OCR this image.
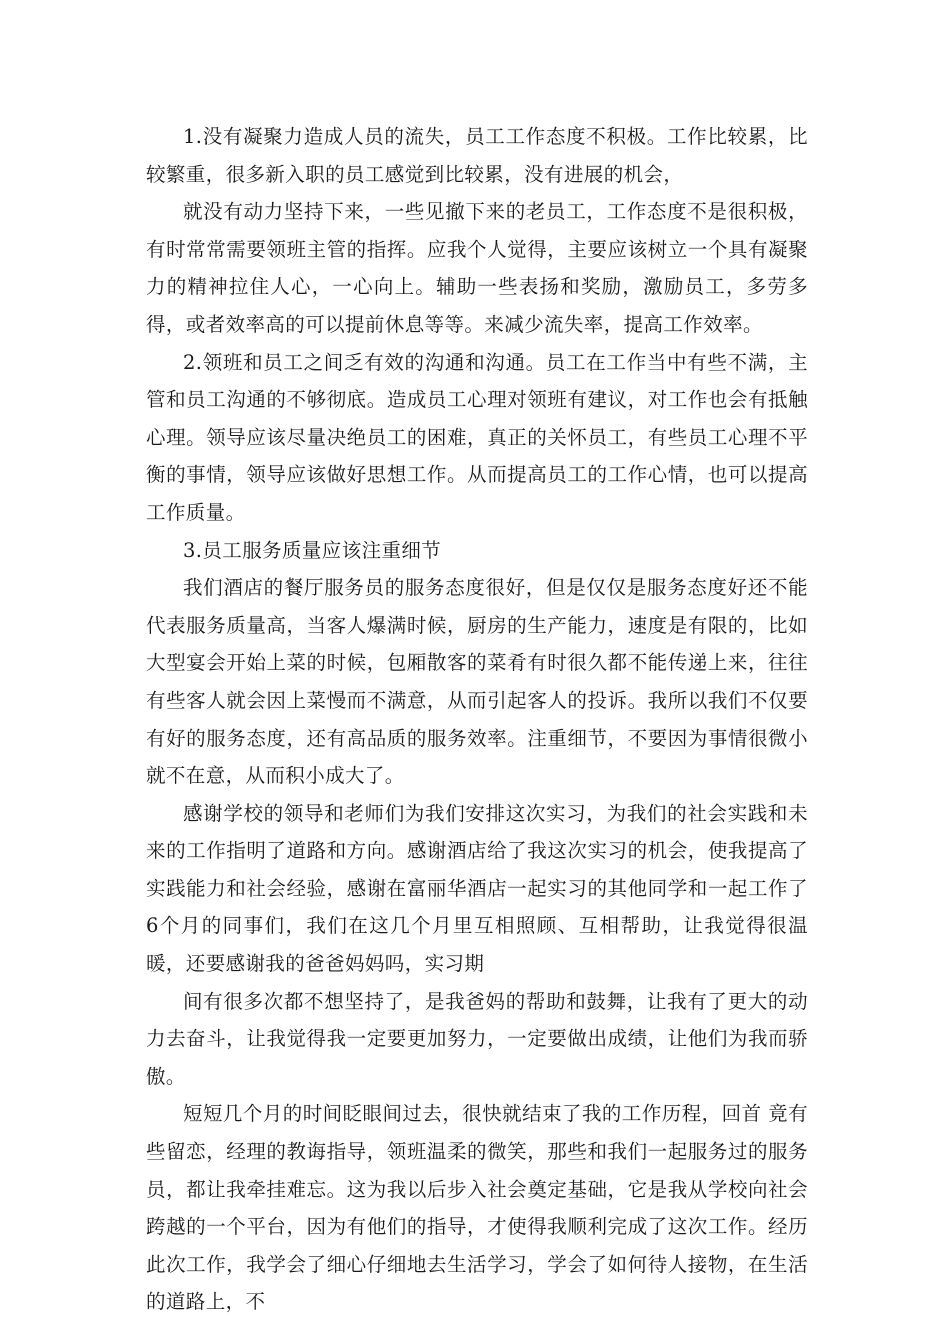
1.没有凝聚力造成人员的流失，员工工作态度不积极。工作比较累，比较繁重，很多新入职的员工感觉到比较累，没有进展的机会，

就没有动力坚持下来，一些见撤下来的老员工，工作态度不是很积极，有时常常需要领班主管的指挥。应我个人觉得，主要应该树立一个具有凝聚力的精神拉住人心，一心向上。辅助一些表扬和奖励，激励员工，多劳多得，或者效率高的可以提前休息等等。来减少流失率，提高工作效率。

2.领班和员工之间乏有效的沟通和沟通。员工在工作当中有些不满，主管和员工沟通的不够彻底。造成员工心理对领班有建议，对工作也会有抵触心理。领导应该尽量决绝员工的困难，真正的关怀员工，有些员工心理不平衡的事情，领导应该做好思想工作。从而提高员工的工作心情，也可以提高工作质量。

3.员工服务质量应该注重细节

我们酒店的餐厅服务员的服务态度很好，但是仅仅是服务态度好还不能代表服务质量高，当客人爆满时候，厨房的生产能力，速度是有限的，比如大型宴会开始上菜的时候，包厢散客的菜肴有时很久都不能传递上来，往往有些客人就会因上菜慢而不满意，从而引起客人的投诉。我所以我们不仅要有好的服务态度，还有高品质的服务效率。注重细节，不要因为事情很微小就不在意，从而积小成大了。

感谢学校的领导和老师们为我们安排这次实习，为我们的社会实践和未来的工作指明了道路和方向。感谢酒店给了我这次实习的机会，使我提高了实践能力和社会经验，感谢在富丽华酒店一起实习的其他同学和一起工作了6个月的同事们，我们在这几个月里互相照顾、互相帮助，让我觉得很温暖，还要感谢我的爸爸妈妈吗，实习期

间有很多次都不想坚持了，是我爸妈的帮助和鼓舞，让我有了更大的动力去奋斗，让我觉得我一定要更加努力，一定要做出成绩，让他们为我而骄傲。

短短几个月的时间眨眼间过去，很快就结束了我的工作历程，回首 竟有些留恋，经理的教诲指导，领班温柔的微笑，那些和我们一起服务过的服务员，都让我牵挂难忘。这为我以后步入社会奠定基础，它是我从学校向社会跨越的一个平台，因为有他们的指导，才使得我顺利完成了这次工作。经历此次工作，我学会了细心仔细地去生活学习，学会了如何待人接物，在生活的道路上，不
